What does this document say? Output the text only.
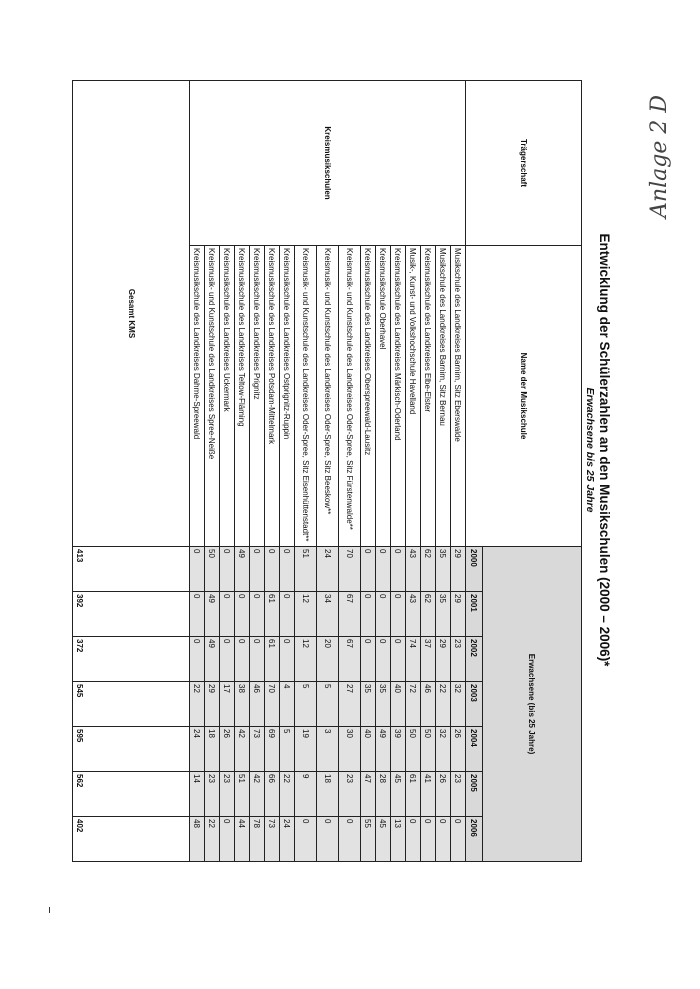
Anlage 2 D
Entwicklung der Schülerzahlen an den Musikschulen (2000 – 2006)*
Erwachsene bis 25 Jahre
Trägerschaft	Name der Musikschule	Erwachsene (bis 25 Jahre)						
		2000	2001	2002	2003	2004	2005	2006
Kreismusikschulen	Musikschule des Landkreises Barnim, Sitz Eberswalde	29	29	23	32	26	23	0
	Musikschule des Landkreises Barnim, Sitz Bernau	35	35	29	22	32	26	0
	Kreismusikschule des Landkreises Elbe-Elster	62	62	37	46	50	41	0
	Musik-, Kunst- und Volkshochschule Havelland	43	43	74	72	50	61	0
	Kreismusikschule des Landkreises Märkisch-Oderland	0	0	0	40	39	45	13
	Kreismusikschule Oberhavel	0	0	0	35	49	28	45
	Kreismusikschule des Landkreises Oberspreewald-Lausitz	0	0	0	35	40	47	55
	Kreismusik- und Kunstschule des Landkreises Oder-Spree, Sitz Fürstenwalde**	70	67	67	27	30	23	0
	Kreismusik- und Kunstschule des Landkreises Oder-Spree, Sitz Beeskow**	24	34	20	5	3	18	0
	Kreismusik- und Kunstschule des Landkreises Oder-Spree, Sitz Eisenhüttenstadt**	51	12	12	5	19	9	0
	Kreismusikschule des Landkreises Ostprignitz-Ruppin	0	0	0	4	5	22	24
	Kreismusikschule des Landkreises Potsdam-Mittelmark	0	61	61	70	69	66	73
	Kreismusikschule des Landkreises Prignitz	0	0	0	46	73	42	78
	Kreismusikschule des Landkreises Teltow-Fläming	49	0	0	38	42	51	44
	Kreismusikschule des Landkreises Uckermark	0	0	0	17	26	23	0
	Kreismusik- und Kunstschule des Landkreises Spree-Neiße	50	49	49	29	18	23	22
	Kreismusikschule des Landkreises Dahme-Spreewald	0	0	0	22	24	14	48
Gesamt KMS		413	392	372	545	595	562	402
